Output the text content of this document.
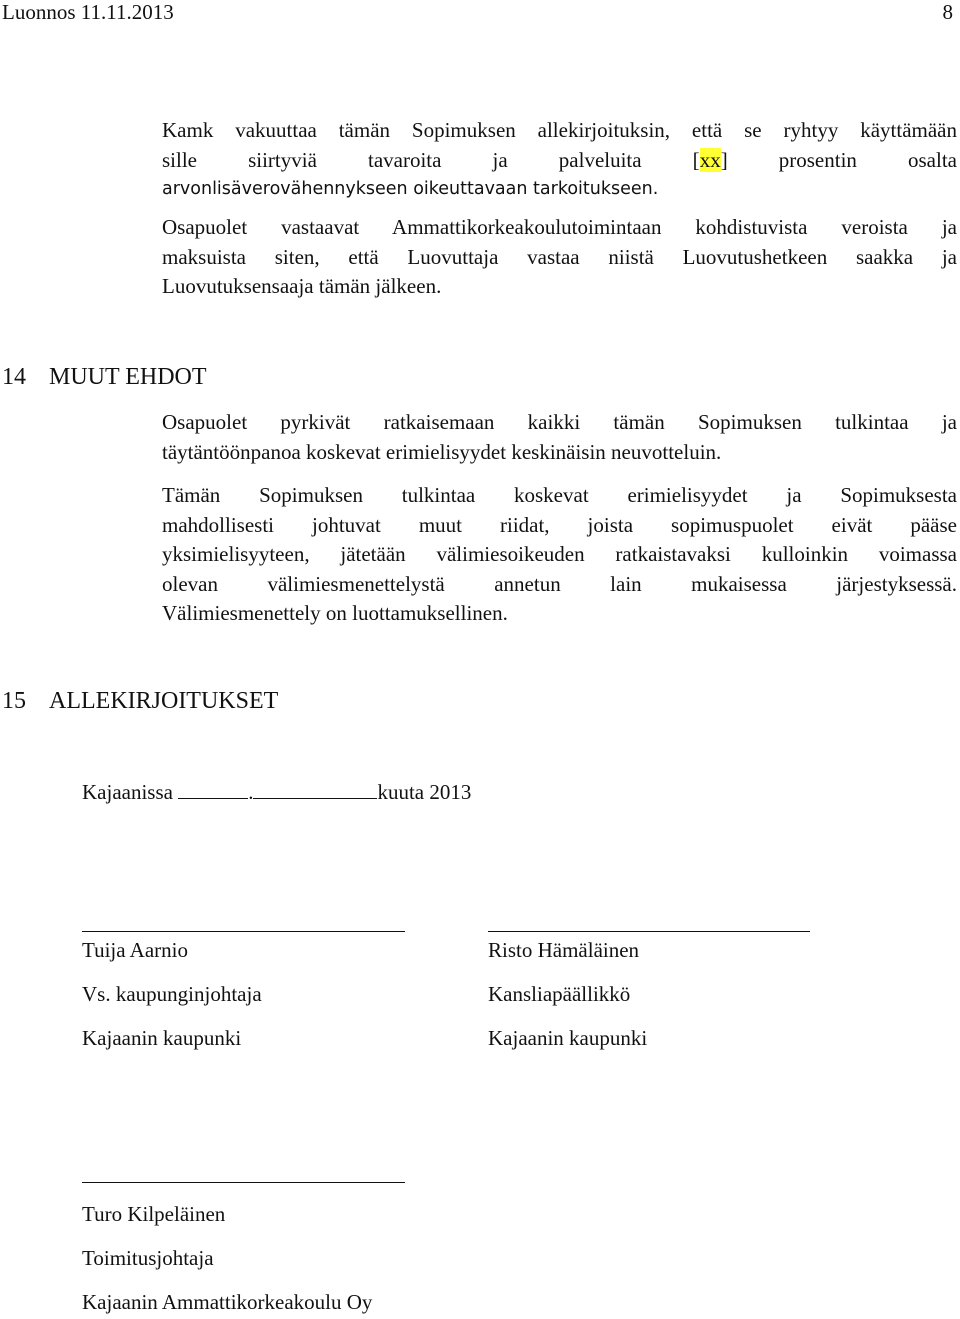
Luonnos 11.11.2013	8
Kamk vakuuttaa tämän Sopimuksen allekirjoituksin, että se ryhtyy käyttämään
sille siirtyviä tavaroita ja palveluita [xx] prosentin osalta
arvonlisäverovähennykseen oikeuttavaan tarkoitukseen.
Osapuolet vastaavat Ammattikorkeakoulutoimintaan kohdistuvista veroista ja
maksuista siten, että Luovuttaja vastaa niistä Luovutushetkeen saakka ja
Luovutuksensaaja tämän jälkeen.
14 MUUT EHDOT
Osapuolet pyrkivät ratkaisemaan kaikki tämän Sopimuksen tulkintaa ja
täytäntöönpanoa koskevat erimielisyydet keskinäisin neuvotteluin.
Tämän Sopimuksen tulkintaa koskevat erimielisyydet ja Sopimuksesta
mahdollisesti johtuvat muut riidat, joista sopimuspuolet eivät pääse
yksimielisyyteen, jätetään välimiesoikeuden ratkaistavaksi kulloinkin voimassa
olevan välimiesmenettelystä annetun lain mukaisessa järjestyksessä.
Välimiesmenettely on luottamuksellinen.
15 ALLEKIRJOITUKSET
Kajaanissa	.	kuuta 2013
Tuija Aarnio
Vs. kaupunginjohtaja
Kajaanin kaupunki
Risto Hämäläinen
Kansliapäällikkö
Kajaanin kaupunki
Turo Kilpeläinen
Toimitusjohtaja
Kajaanin Ammattikorkeakoulu Oy
